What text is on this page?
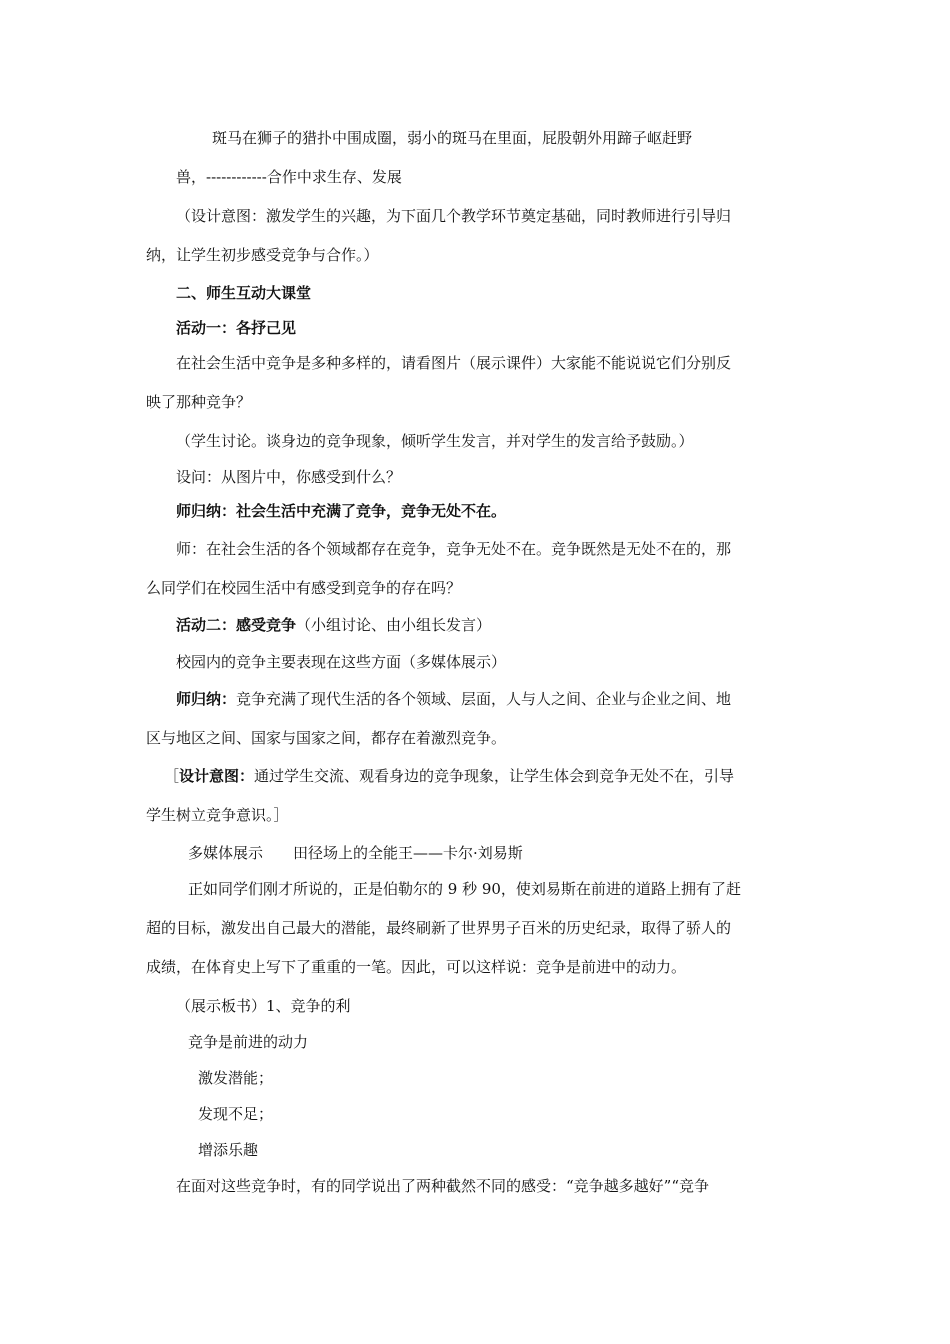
斑马在狮子的猎扑中围成圈，弱小的斑马在里面，屁股朝外用蹄子岖赶野
兽，------------合作中求生存、发展
（设计意图：激发学生的兴趣，为下面几个教学环节奠定基础，同时教师进行引导归
纳，让学生初步感受竞争与合作。）
二、师生互动大课堂
活动一：各抒己见
在社会生活中竞争是多种多样的，请看图片（展示课件）大家能不能说说它们分别反
映了那种竞争？
（学生讨论。谈身边的竞争现象，倾听学生发言，并对学生的发言给予鼓励。）
设问：从图片中，你感受到什么？
师归纳：社会生活中充满了竞争，竞争无处不在。
师：在社会生活的各个领域都存在竞争，竞争无处不在。竞争既然是无处不在的，那
么同学们在校园生活中有感受到竞争的存在吗？
活动二：感受竞争（小组讨论、由小组长发言）
校园内的竞争主要表现在这些方面（多媒体展示）
师归纳：竞争充满了现代生活的各个领域、层面，人与人之间、企业与企业之间、地
区与地区之间、国家与国家之间，都存在着激烈竞争。
［设计意图：通过学生交流、观看身边的竞争现象，让学生体会到竞争无处不在，引导
学生树立竞争意识。］
多媒体展示　　田径场上的全能王——卡尔·刘易斯
正如同学们刚才所说的，正是伯勒尔的 9 秒 90，使刘易斯在前进的道路上拥有了赶
超的目标，激发出自己最大的潜能，最终刷新了世界男子百米的历史纪录，取得了骄人的
成绩，在体育史上写下了重重的一笔。因此，可以这样说：竞争是前进中的动力。
（展示板书）1、竞争的利
竞争是前进的动力
激发潜能；
发现不足；
增添乐趣
在面对这些竞争时，有的同学说出了两种截然不同的感受：“竞争越多越好”“竞争
